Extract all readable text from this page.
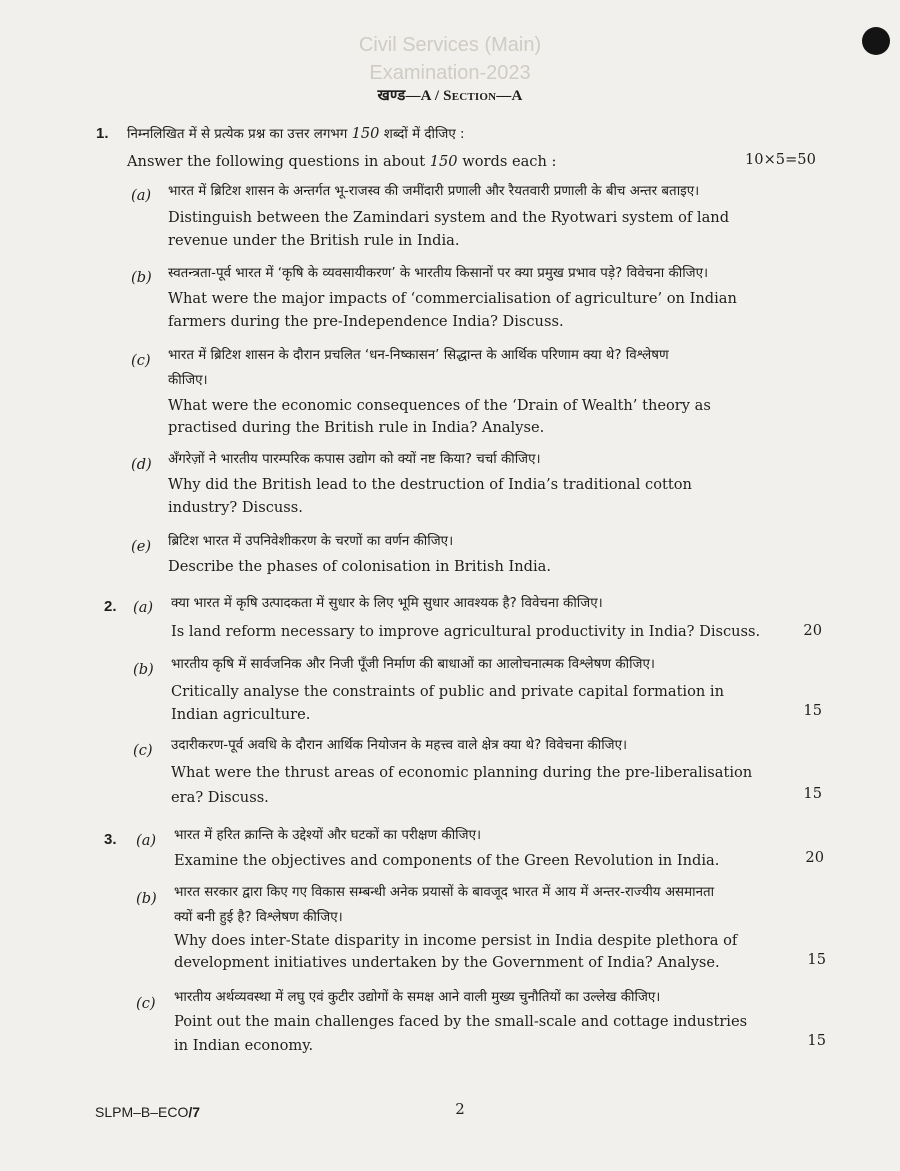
Civil Services (Main)
Examination-2023
खण्ड—A / Section—A
1. निम्नलिखित में से प्रत्येक प्रश्न का उत्तर लगभग 150 शब्दों में दीजिए :
Answer the following questions in about 150 words each :	10×5=50
(a) भारत में ब्रिटिश शासन के अन्तर्गत भू-राजस्व की जमींदारी प्रणाली और रैयतवारी प्रणाली के बीच अन्तर बताइए।
Distinguish between the Zamindari system and the Ryotwari system of land
revenue under the British rule in India.
(b) स्वतन्त्रता-पूर्व भारत में ‘कृषि के व्यवसायीकरण’ के भारतीय किसानों पर क्या प्रमुख प्रभाव पड़े? विवेचना कीजिए।
What were the major impacts of ‘commercialisation of agriculture’ on Indian
farmers during the pre-Independence India? Discuss.
(c) भारत में ब्रिटिश शासन के दौरान प्रचलित ‘धन-निष्कासन’ सिद्धान्त के आर्थिक परिणाम क्या थे? विश्लेषण
कीजिए।
What were the economic consequences of the ‘Drain of Wealth’ theory as
practised during the British rule in India? Analyse.
(d) अँगरेज़ों ने भारतीय पारम्परिक कपास उद्योग को क्यों नष्ट किया? चर्चा कीजिए।
Why did the British lead to the destruction of India’s traditional cotton
industry? Discuss.
(e) ब्रिटिश भारत में उपनिवेशीकरण के चरणों का वर्णन कीजिए।
Describe the phases of colonisation in British India.
2. (a) क्या भारत में कृषि उत्पादकता में सुधार के लिए भूमि सुधार आवश्यक है? विवेचना कीजिए।
Is land reform necessary to improve agricultural productivity in India? Discuss.	20
(b) भारतीय कृषि में सार्वजनिक और निजी पूँजी निर्माण की बाधाओं का आलोचनात्मक विश्लेषण कीजिए।
Critically analyse the constraints of public and private capital formation in
Indian agriculture.	15
(c) उदारीकरण-पूर्व अवधि के दौरान आर्थिक नियोजन के महत्त्व वाले क्षेत्र क्या थे? विवेचना कीजिए।
What were the thrust areas of economic planning during the pre-liberalisation
era? Discuss.	15
3. (a) भारत में हरित क्रान्ति के उद्देश्यों और घटकों का परीक्षण कीजिए।
Examine the objectives and components of the Green Revolution in India.	20
(b) भारत सरकार द्वारा किए गए विकास सम्बन्धी अनेक प्रयासों के बावजूद भारत में आय में अन्तर-राज्यीय असमानता
क्यों बनी हुई है? विश्लेषण कीजिए।
Why does inter-State disparity in income persist in India despite plethora of
development initiatives undertaken by the Government of India? Analyse.	15
(c) भारतीय अर्थव्यवस्था में लघु एवं कुटीर उद्योगों के समक्ष आने वाली मुख्य चुनौतियों का उल्लेख कीजिए।
Point out the main challenges faced by the small-scale and cottage industries
in Indian economy.	15
SLPM–B–ECO/7	2
